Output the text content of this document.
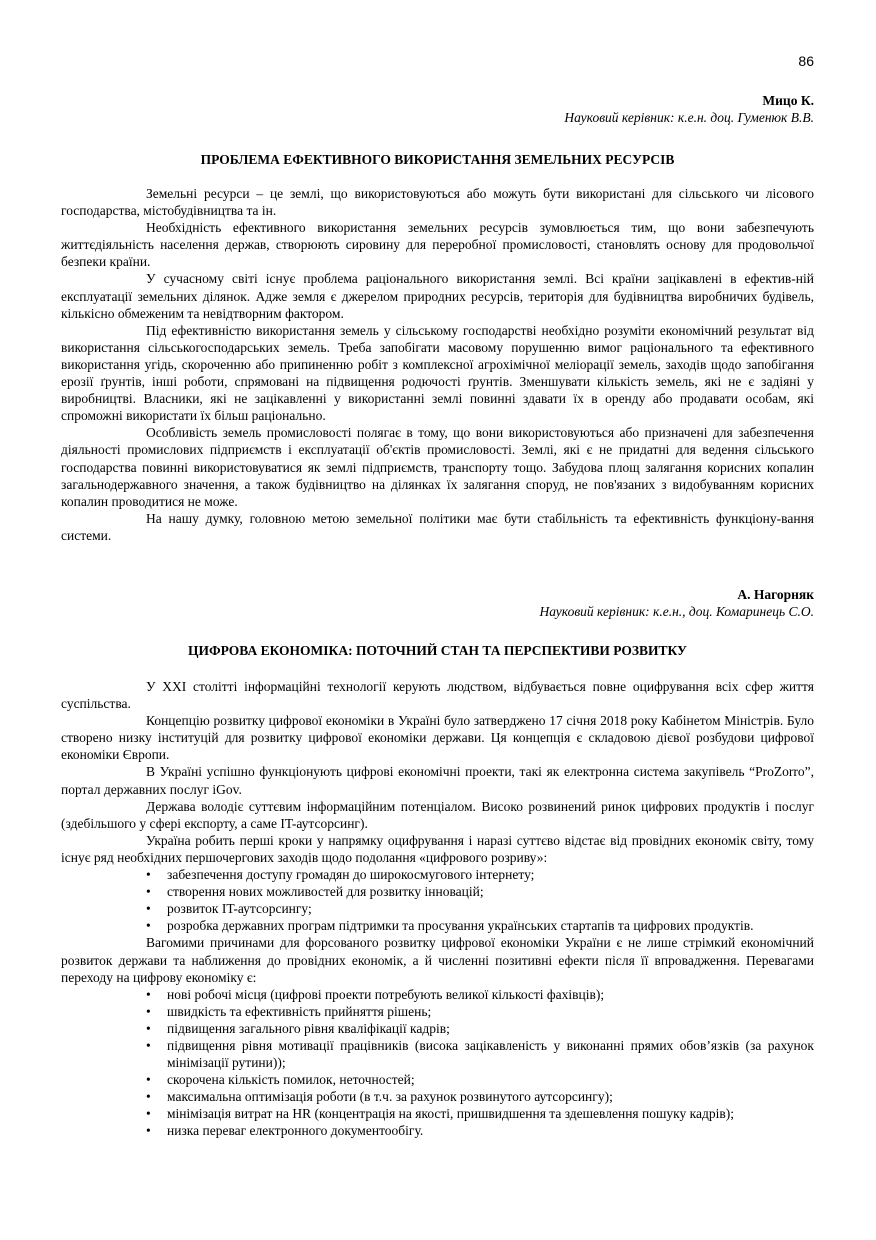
86
Мицо К.
Науковий керівник: к.е.н. доц. Гуменюк В.В.
ПРОБЛЕМА ЕФЕКТИВНОГО ВИКОРИСТАННЯ ЗЕМЕЛЬНИХ РЕСУРСІВ

Земельні ресурси – це землі, що використовуються або можуть бути використані для сільського чи лісового господарства, містобудівництва та ін.

Необхідність ефективного використання земельних ресурсів зумовлюється тим, що вони забезпечують життєдіяльність населення держав, створюють сировину для переробної промисловості, становлять основу для продовольчої безпеки країни.

У сучасному світі існує проблема раціонального використання землі. Всі країни зацікавлені в ефектив-ній експлуатації земельних ділянок. Адже земля є джерелом природних ресурсів, територія для будівництва виробничих будівель, кількісно обмеженим та невідтворним фактором.

Під ефективністю використання земель у сільському господарстві необхідно розуміти економічний результат від використання сільськогосподарських земель. Треба запобігати масовому порушенню вимог раціонального та ефективного використання угідь, скороченню або припиненню робіт з комплексної агрохімічної меліорації земель, заходів щодо запобігання ерозії ґрунтів, інші роботи, спрямовані на підвищення родючості ґрунтів. Зменшувати кількість земель, які не є задіяні у виробництві. Власники, які не зацікавленні у використанні землі повинні здавати їх в оренду або продавати особам, які спроможні використати їх більш раціонально.

Особливість земель промисловості полягає в тому, що вони використовуються або призначені для забезпечення діяльності промислових підприємств і експлуатації об'єктів промисловості. Землі, які є не придатні для ведення сільського господарства повинні використовуватися як землі підприємств, транспорту тощо. Забудова площ залягання корисних копалин загальнодержавного значення, а також будівництво на ділянках їх залягання споруд, не пов'язаних з видобуванням корисних копалин проводитися не може.

На нашу думку, головною метою земельної політики має бути стабільність та ефективність функціону-вання системи.

А. Нагорняк
Науковий керівник: к.е.н., доц. Комаринець С.О.
ЦИФРОВА ЕКОНОМІКА: ПОТОЧНИЙ СТАН ТА ПЕРСПЕКТИВИ РОЗВИТКУ

У XXI столітті інформаційні технології керують людством, відбувається повне оцифрування всіх сфер життя суспільства.

Концепцію розвитку цифрової економіки в Україні було затверджено 17 січня 2018 року Кабінетом Міністрів. Було створено низку інституцій для розвитку цифрової економіки держави. Ця концепція є складовою дієвої розбудови цифрової економіки Європи.

В Україні успішно функціонують цифрові економічні проекти, такі як електронна система закупівель “ProZorro”, портал державних послуг iGov.

Держава володіє суттєвим інформаційним потенціалом. Високо розвинений ринок цифрових продуктів і послуг (здебільшого у сфері експорту, а саме IT-аутсорсинг).

Україна робить перші кроки у напрямку оцифрування і наразі суттєво відстає від провідних економік світу, тому існує ряд необхідних першочергових заходів щодо подолання «цифрового розриву»:

• забезпечення доступу громадян до широкосмугового інтернету;
• створення нових можливостей для розвитку інновацій;
• розвиток IT-аутсорсингу;
• розробка державних програм підтримки та просування українських стартапів та цифрових продуктів.

Вагомими причинами для форсованого розвитку цифрової економіки України є не лише стрімкий економічний розвиток держави та наближення до провідних економік, а й численні позитивні ефекти після її впровадження. Перевагами переходу на цифрову економіку є:

• нові робочі місця (цифрові проекти потребують великої кількості фахівців);
• швидкість та ефективність прийняття рішень;
• підвищення загального рівня кваліфікації кадрів;
• підвищення рівня мотивації працівників (висока зацікавленість у виконанні прямих обов’язків (за рахунок мінімізації рутини));
• скорочена кількість помилок, неточностей;
• максимальна оптимізація роботи (в т.ч. за рахунок розвинутого аутсорсингу);
• мінімізація витрат на HR (концентрація на якості, пришвидшення та здешевлення пошуку кадрів);
• низка переваг електронного документообігу.
